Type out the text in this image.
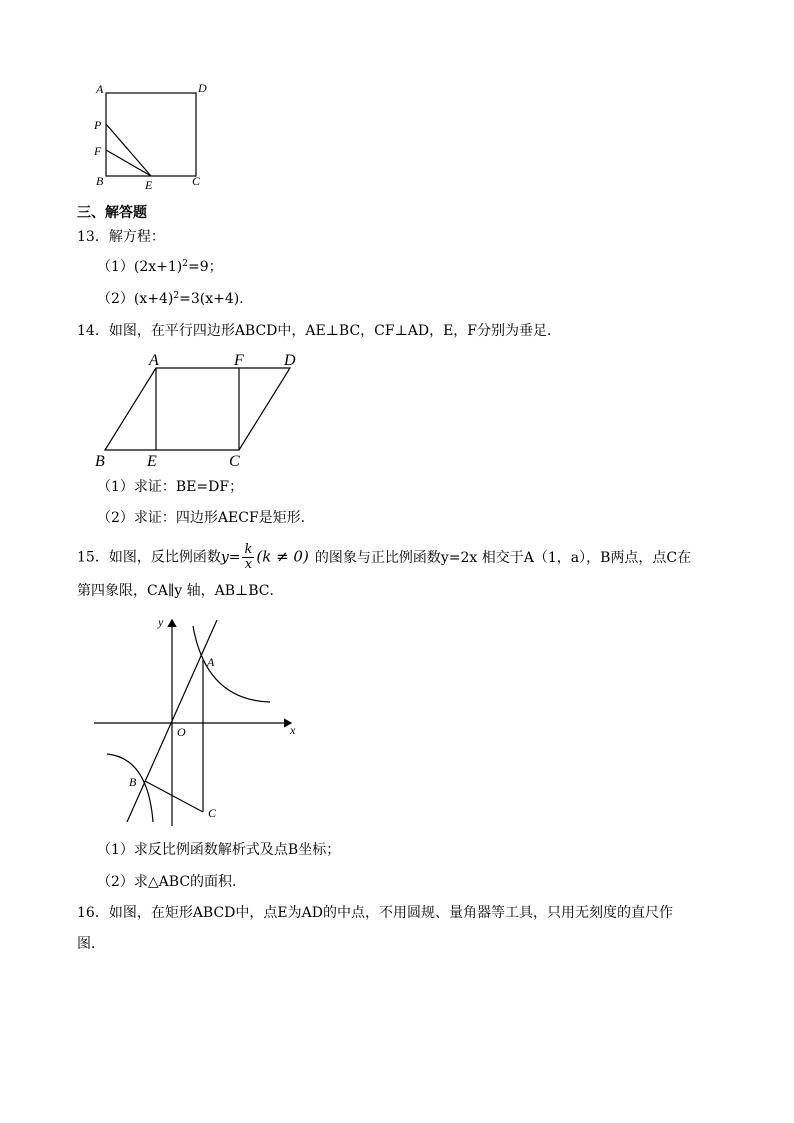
A	D
P
F
B	E	C
三、解答题
13．解方程：
$(1)(2x+1)^2=9$；
$(2)(x+4)^2=3(x+4)$．
14．如图，在平行四边形ABCD中，AE⊥BC，CF⊥AD，E，F分别为垂足．
A	F	D
B	E	C
（1）求证：BE=DF；
（2）求证：四边形AECF是矩形．
15．如图，反比例函数$y= \frac{k}{x} (k \ne 0)$ 的图象与正比例函数y=2x 相交于A（1，a），B两点，点C在
第四象限，CA∥y 轴，AB⊥BC．
y
x
O
A
B
C
（1）求反比例函数解析式及点B坐标；
（2）求△ABC的面积．
16．如图，在矩形ABCD中，点E为AD的中点，不用圆规、量角器等工具，只用无刻度的直尺作
图．
